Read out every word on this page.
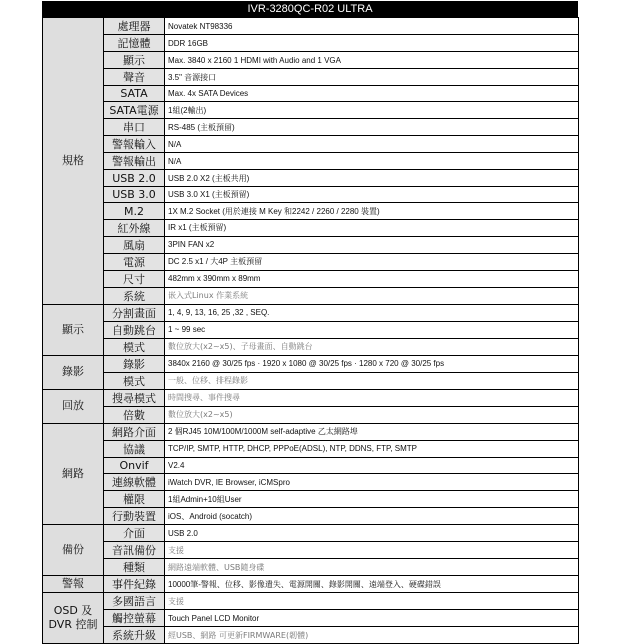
IVR-3280QC-R02 ULTRA
規格	處理器	Novatek NT98336
	記憶體	DDR 16GB
	顯示	Max. 3840 x 2160 1 HDMI with Audio and 1 VGA
	聲音	3.5" 音源接口
	SATA	Max. 4x SATA Devices
	SATA電源	1組(2輸出)
	串口	RS-485 (主板預留)
	警報輸入	N/A
	警報輸出	N/A
	USB 2.0	USB 2.0 X2 (主板共用)
	USB 3.0	USB 3.0 X1 (主板預留)
	M.2	1X M.2 Socket (用於連接 M Key 和2242 / 2260 / 2280 裝置)
	紅外線	IR x1 (主板預留)
	風扇	3PIN FAN x2
	電源	DC 2.5 x1 / 大4P 主板預留
	尺寸	482mm x 390mm x 89mm
	系統	嵌入式Linux 作業系統
顯示	分割畫面	1, 4, 9, 13, 16, 25 ,32 , SEQ.
	自動跳台	1 ~ 99 sec
	模式	數位放大(x2~x5)、子母畫面、自動跳台
錄影	錄影	3840x 2160 @ 30/25 fps · 1920 x 1080 @ 30/25 fps · 1280 x 720 @ 30/25 fps
	模式	一般、位移、排程錄影
回放	搜尋模式	時間搜尋、事件搜尋
	倍數	數位放大(x2~x5)
網路	網路介面	2 個RJ45 10M/100M/1000M self-adaptive 乙太網路埠
	協議	TCP/IP, SMTP, HTTP, DHCP, PPPoE(ADSL), NTP, DDNS, FTP, SMTP
	Onvif	V2.4
	連線軟體	iWatch DVR, IE Browser, iCMSpro
	權限	1組Admin+10組User
	行動裝置	iOS、Android (socatch)
備份	介面	USB 2.0
	音訊備份	支援
	種類	網路遠端軟體、USB隨身碟
警報	事件紀錄	10000筆-警報、位移、影像遺失、電源開關、錄影開關、遠端登入、硬碟錯誤
OSD 及 DVR 控制	多國語言	支援
	觸控螢幕	Touch Panel LCD Monitor
	系統升級	經USB、網路 可更新FIRMWARE(韌體)
